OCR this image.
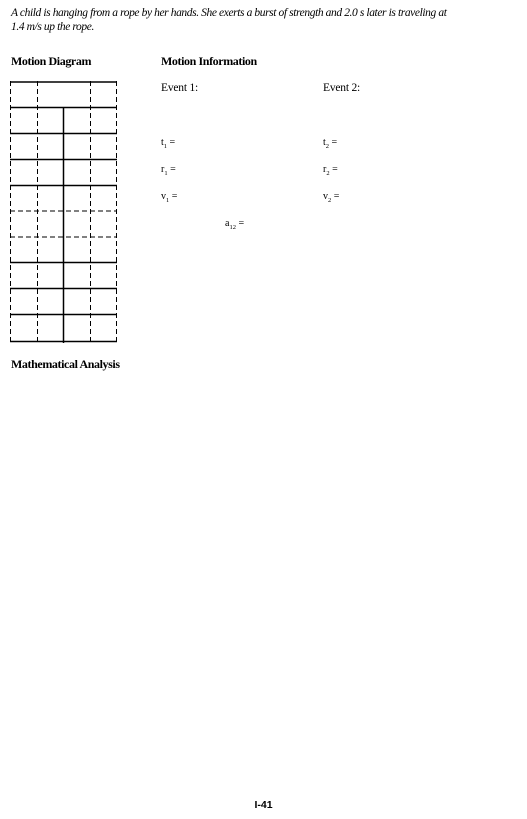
A child is hanging from a rope by her hands. She exerts a burst of strength and 2.0 s later is traveling at
1.4 m/s up the rope.
Motion Diagram	Motion Information
Event 1:	Event 2:
$t_1$ =
$r_1$ =
$v_1$ =
$t_2$ =
$r_2$ =
$v_2$ =
$a_{12}$ =
Mathematical Analysis
I-41
